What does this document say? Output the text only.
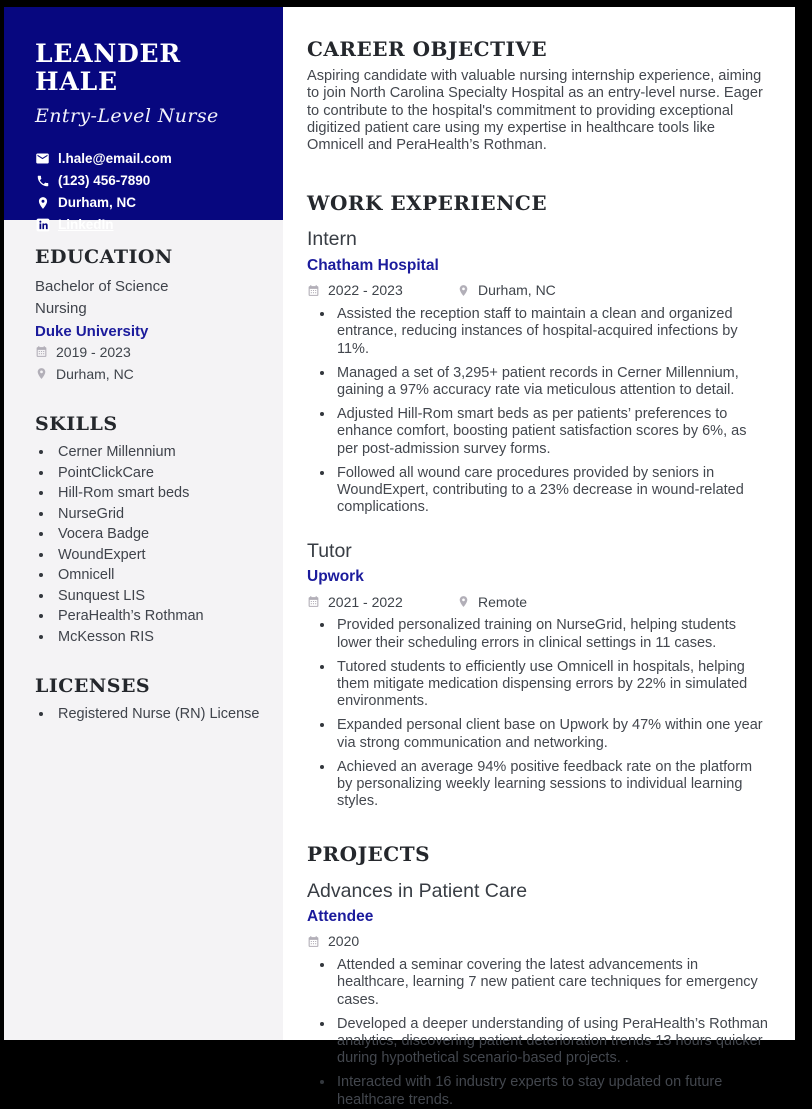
LEANDER HALE
Entry-Level Nurse
l.hale@email.com
(123) 456-7890
Durham, NC
LinkedIn
EDUCATION
Bachelor of Science Nursing
Duke University
2019 - 2023
Durham, NC
SKILLS
• Cerner Millennium
• PointClickCare
• Hill-Rom smart beds
• NurseGrid
• Vocera Badge
• WoundExpert
• Omnicell
• Sunquest LIS
• PeraHealth’s Rothman
• McKesson RIS
LICENSES
• Registered Nurse (RN) License
CAREER OBJECTIVE

Aspiring candidate with valuable nursing internship experience, aiming to join North Carolina Specialty Hospital as an entry-level nurse. Eager to contribute to the hospital's commitment to providing exceptional digitized patient care using my expertise in healthcare tools like Omnicell and PeraHealth’s Rothman.

WORK EXPERIENCE
Intern
Chatham Hospital
2022 - 2023	Durham, NC
• Assisted the reception staff to maintain a clean and organized entrance, reducing instances of hospital-acquired infections by 11%.
• Managed a set of 3,295+ patient records in Cerner Millennium, gaining a 97% accuracy rate via meticulous attention to detail.
• Adjusted Hill-Rom smart beds as per patients’ preferences to enhance comfort, boosting patient satisfaction scores by 6%, as per post-admission survey forms.
• Followed all wound care procedures provided by seniors in WoundExpert, contributing to a 23% decrease in wound-related complications.
Tutor
Upwork
2021 - 2022	Remote
• Provided personalized training on NurseGrid, helping students lower their scheduling errors in clinical settings in 11 cases.
• Tutored students to efficiently use Omnicell in hospitals, helping them mitigate medication dispensing errors by 22% in simulated environments.
• Expanded personal client base on Upwork by 47% within one year via strong communication and networking.
• Achieved an average 94% positive feedback rate on the platform by personalizing weekly learning sessions to individual learning styles.
PROJECTS
Advances in Patient Care
Attendee
2020
• Attended a seminar covering the latest advancements in healthcare, learning 7 new patient care techniques for emergency cases.
• Developed a deeper understanding of using PeraHealth’s Rothman analytics, discovering patient deterioration trends 13 hours quicker during hypothetical scenario-based projects. .
• Interacted with 16 industry experts to stay updated on future healthcare trends.
